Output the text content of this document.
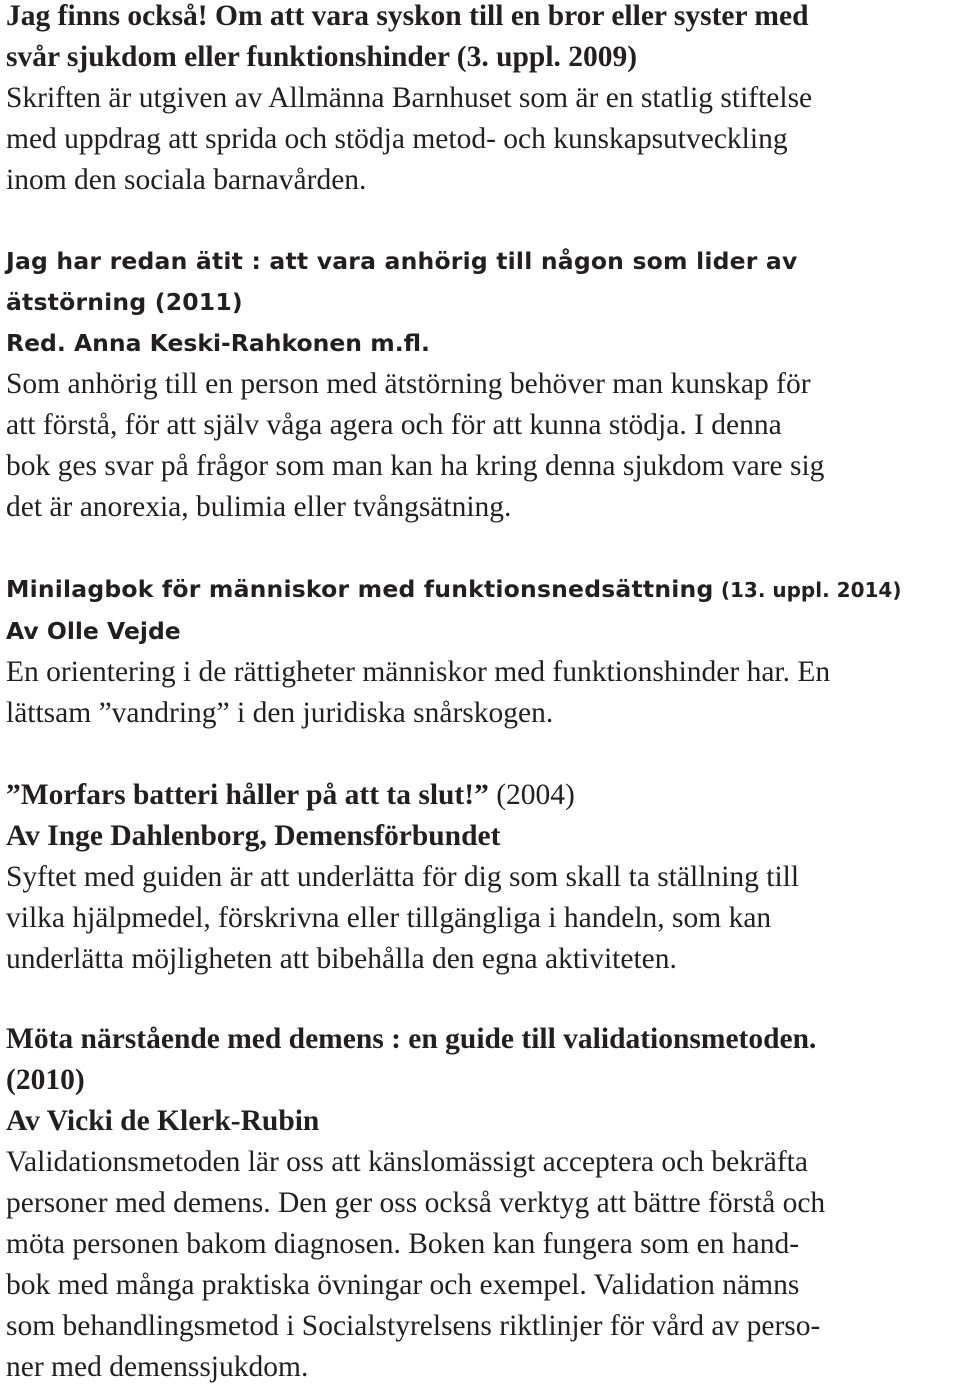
Jag finns också! Om att vara syskon till en bror eller syster med
svår sjukdom eller funktionshinder (3. uppl. 2009)
Skriften är utgiven av Allmänna Barnhuset som är en statlig stiftelse
med uppdrag att sprida och stödja metod- och kunskapsutveckling
inom den sociala barnavården.
Jag har redan ätit : att vara anhörig till någon som lider av
ätstörning (2011)
Red. Anna Keski-Rahkonen m.fl.
Som anhörig till en person med ätstörning behöver man kunskap för
att förstå, för att själv våga agera och för att kunna stödja. I denna
bok ges svar på frågor som man kan ha kring denna sjukdom vare sig
det är anorexia, bulimia eller tvångsätning.
Minilagbok för människor med funktionsnedsättning (13. uppl. 2014)
Av Olle Vejde
En orientering i de rättigheter människor med funktionshinder har. En
lättsam ”vandring” i den juridiska snårskogen.
”Morfars batteri håller på att ta slut!” (2004)
Av Inge Dahlenborg, Demensförbundet
Syftet med guiden är att underlätta för dig som skall ta ställning till
vilka hjälpmedel, förskrivna eller tillgängliga i handeln, som kan
underlätta möjligheten att bibehålla den egna aktiviteten.
Möta närstående med demens : en guide till validationsmetoden.
(2010)
Av Vicki de Klerk-Rubin
Validationsmetoden lär oss att känslomässigt acceptera och bekräfta
personer med demens. Den ger oss också verktyg att bättre förstå och
möta personen bakom diagnosen. Boken kan fungera som en hand-
bok med många praktiska övningar och exempel. Validation nämns
som behandlingsmetod i Socialstyrelsens riktlinjer för vård av perso-
ner med demenssjukdom.
